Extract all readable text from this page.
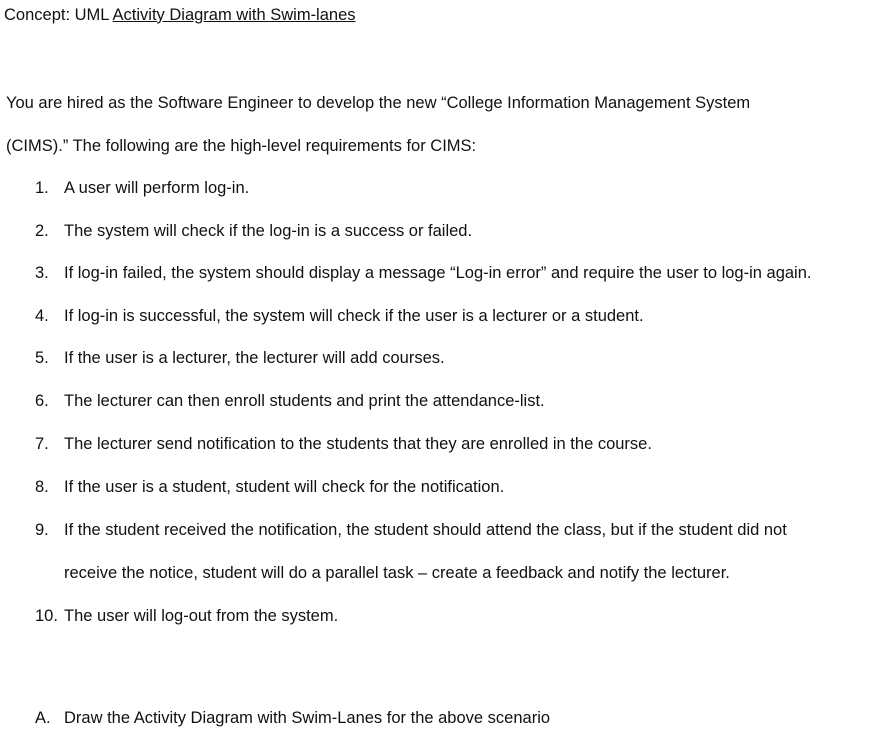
Concept: UML Activity Diagram with Swim-lanes
You are hired as the Software Engineer to develop the new “College Information Management System
(CIMS).” The following are the high-level requirements for CIMS:
1. A user will perform log-in.
2. The system will check if the log-in is a success or failed.
3. If log-in failed, the system should display a message “Log-in error” and require the user to log-in again.
4. If log-in is successful, the system will check if the user is a lecturer or a student.
5. If the user is a lecturer, the lecturer will add courses.
6. The lecturer can then enroll students and print the attendance-list.
7. The lecturer send notification to the students that they are enrolled in the course.
8. If the user is a student, student will check for the notification.
9. If the student received the notification, the student should attend the class, but if the student did not
receive the notice, student will do a parallel task – create a feedback and notify the lecturer.
10. The user will log-out from the system.
A. Draw the Activity Diagram with Swim-Lanes for the above scenario
